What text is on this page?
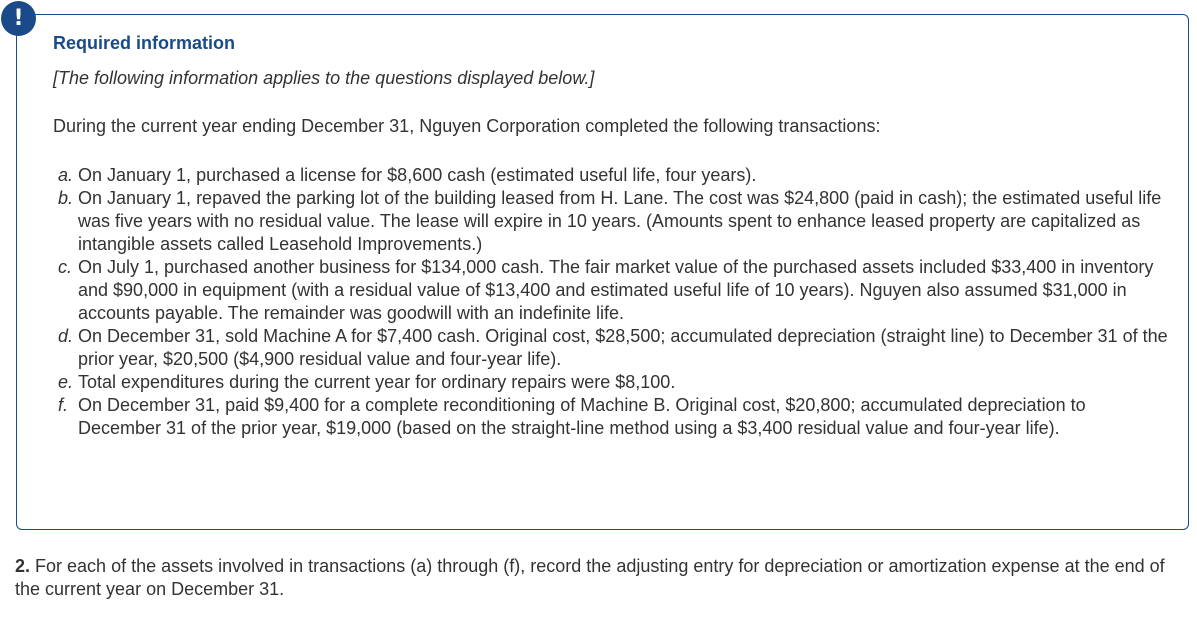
!
Required information

[The following information applies to the questions displayed below.]

During the current year ending December 31, Nguyen Corporation completed the following transactions:

a. On January 1, purchased a license for $8,600 cash (estimated useful life, four years).
b. On January 1, repaved the parking lot of the building leased from H. Lane. The cost was $24,800 (paid in cash); the estimated useful life was five years with no residual value. The lease will expire in 10 years. (Amounts spent to enhance leased property are capitalized as intangible assets called Leasehold Improvements.)
c. On July 1, purchased another business for $134,000 cash. The fair market value of the purchased assets included $33,400 in inventory and $90,000 in equipment (with a residual value of $13,400 and estimated useful life of 10 years). Nguyen also assumed $31,000 in accounts payable. The remainder was goodwill with an indefinite life.
d. On December 31, sold Machine A for $7,400 cash. Original cost, $28,500; accumulated depreciation (straight line) to December 31 of the prior year, $20,500 ($4,900 residual value and four-year life).
e. Total expenditures during the current year for ordinary repairs were $8,100.
f. On December 31, paid $9,400 for a complete reconditioning of Machine B. Original cost, $20,800; accumulated depreciation to December 31 of the prior year, $19,000 (based on the straight-line method using a $3,400 residual value and four-year life).

2. For each of the assets involved in transactions (a) through (f), record the adjusting entry for depreciation or amortization expense at the end of the current year on December 31.
